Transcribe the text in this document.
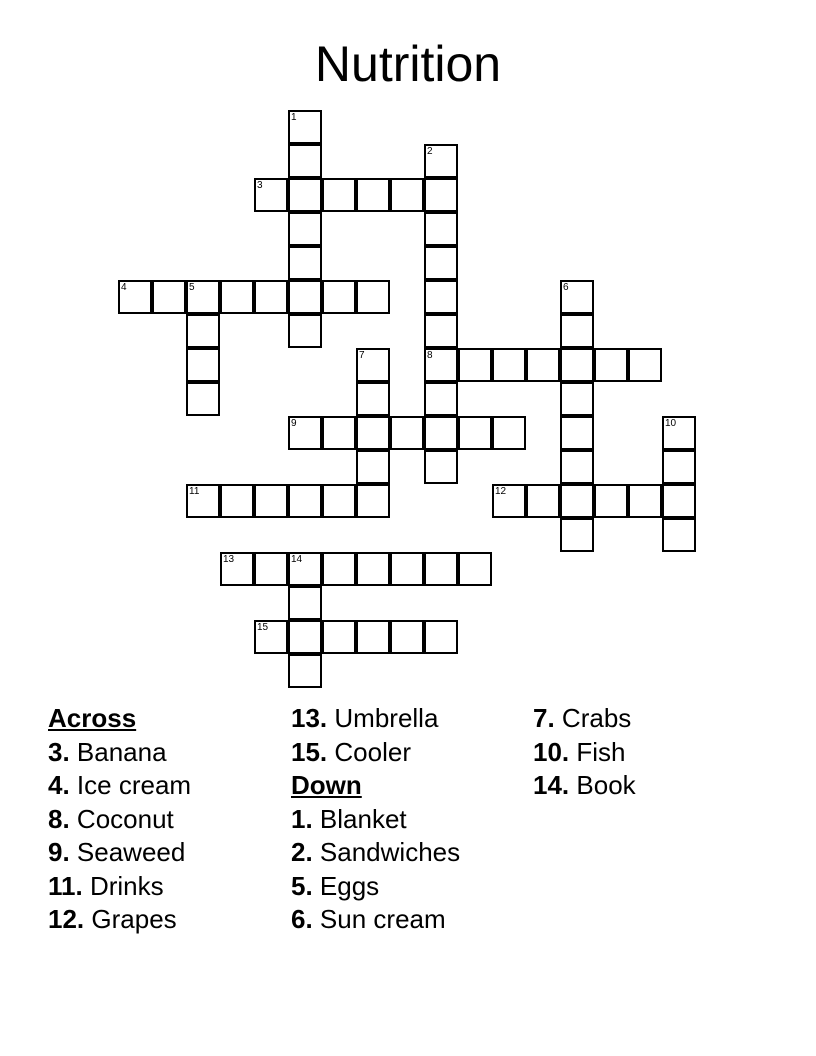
Nutrition
1
2
3
4	5	6
7	8
9	10
11	12
13	14
15
Across
3. Banana
4. Ice cream
8. Coconut
9. Seaweed
11. Drinks
12. Grapes
13. Umbrella
15. Cooler
Down
1. Blanket
2. Sandwiches
5. Eggs
6. Sun cream
7. Crabs
10. Fish
14. Book
